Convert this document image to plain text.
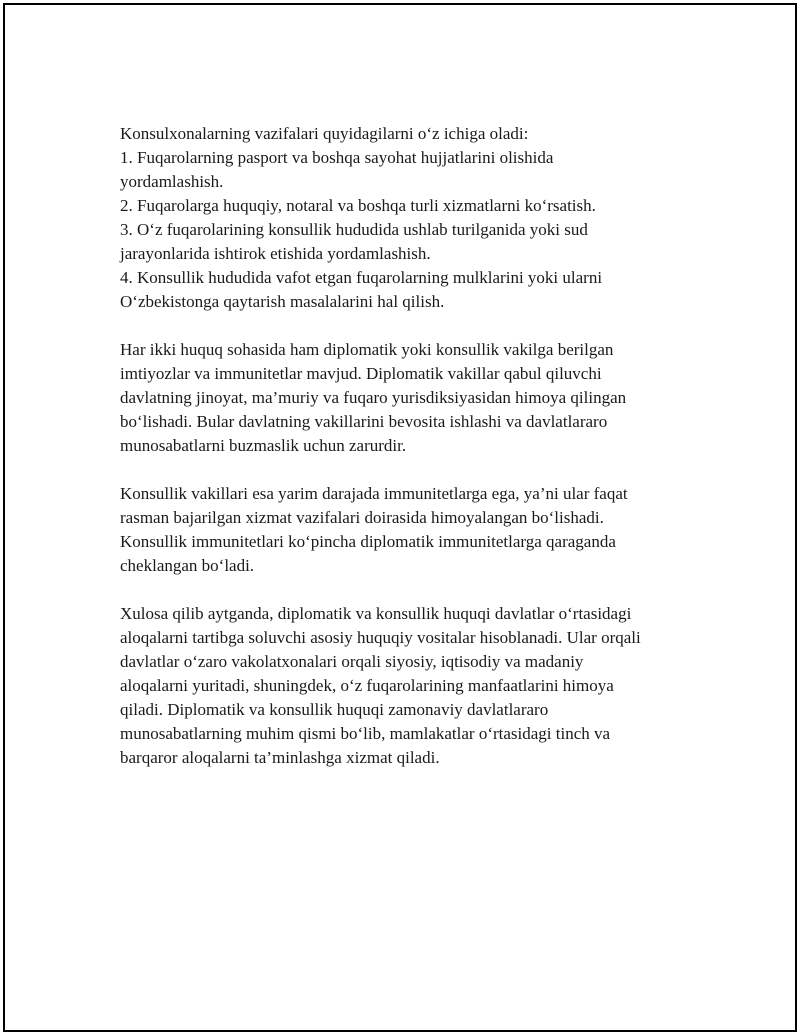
Konsulxonalarning vazifalari quyidagilarni o‘z ichiga oladi:
1. Fuqarolarning pasport va boshqa sayohat hujjatlarini olishida
yordamlashish.
2. Fuqarolarga huquqiy, notaral va boshqa turli xizmatlarni ko‘rsatish.
3. O‘z fuqarolarining konsullik hududida ushlab turilganida yoki sud
jarayonlarida ishtirok etishida yordamlashish.
4. Konsullik hududida vafot etgan fuqarolarning mulklarini yoki ularni
O‘zbekistonga qaytarish masalalarini hal qilish.
Har ikki huquq sohasida ham diplomatik yoki konsullik vakilga berilgan
imtiyozlar va immunitetlar mavjud. Diplomatik vakillar qabul qiluvchi
davlatning jinoyat, ma’muriy va fuqaro yurisdiksiyasidan himoya qilingan
bo‘lishadi. Bular davlatning vakillarini bevosita ishlashi va davlatlararo
munosabatlarni buzmaslik uchun zarurdir.
Konsullik vakillari esa yarim darajada immunitetlarga ega, ya’ni ular faqat
rasman bajarilgan xizmat vazifalari doirasida himoyalangan bo‘lishadi.
Konsullik immunitetlari ko‘pincha diplomatik immunitetlarga qaraganda
cheklangan bo‘ladi.
Xulosa qilib aytganda, diplomatik va konsullik huquqi davlatlar o‘rtasidagi
aloqalarni tartibga soluvchi asosiy huquqiy vositalar hisoblanadi. Ular orqali
davlatlar o‘zaro vakolatxonalari orqali siyosiy, iqtisodiy va madaniy
aloqalarni yuritadi, shuningdek, o‘z fuqarolarining manfaatlarini himoya
qiladi. Diplomatik va konsullik huquqi zamonaviy davlatlararo
munosabatlarning muhim qismi bo‘lib, mamlakatlar o‘rtasidagi tinch va
barqaror aloqalarni ta’minlashga xizmat qiladi.
